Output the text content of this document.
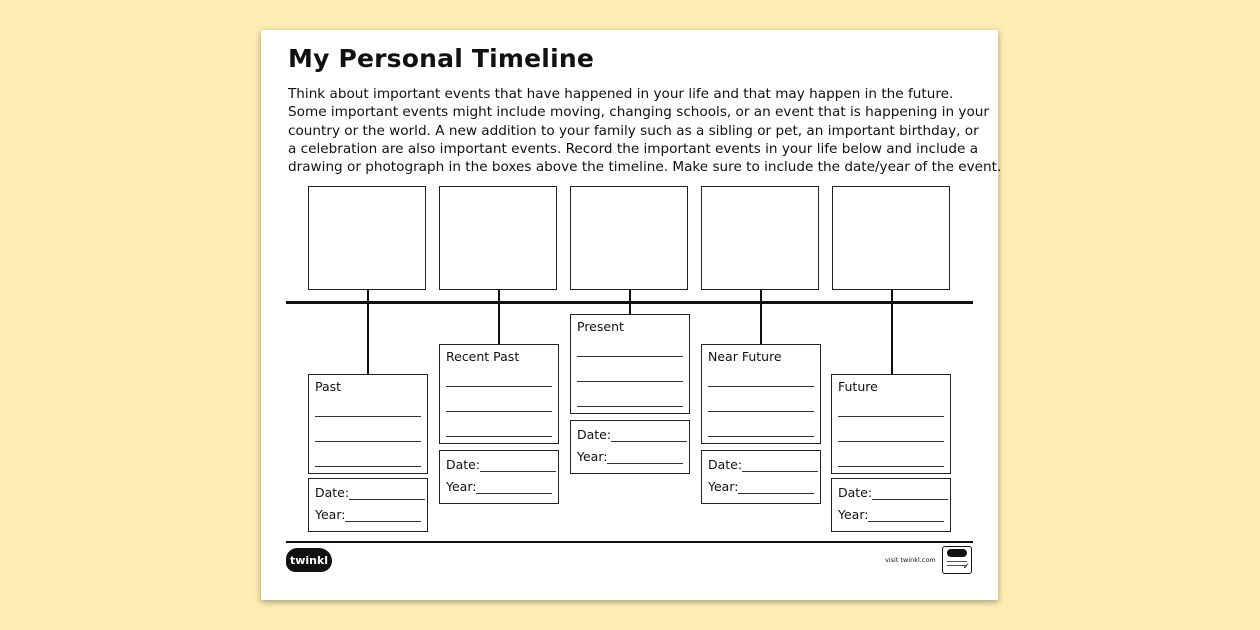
My Personal Timeline
Think about important events that have happened in your life and that may happen in the future.
Some important events might include moving, changing schools, or an event that is happening in your
country or the world. A new addition to your family such as a sibling or pet, an important birthday, or
a celebration are also important events. Record the important events in your life below and include a
drawing or photograph in the boxes above the timeline. Make sure to include the date/year of the event.
Past
Date:
Year:
Recent Past
Date:
Year:
Present
Date:
Year:
Near Future
Date:
Year:
Future
Date:
Year:
twinkl	visit twinkl.com
✓
